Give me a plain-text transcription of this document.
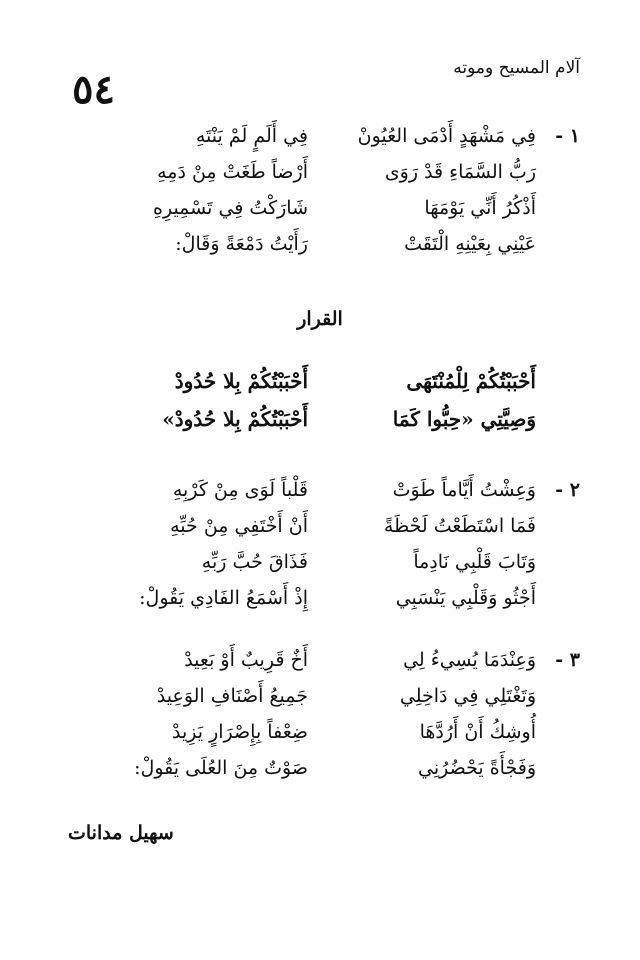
آلام المسيح وموته
٥٤
١ -
فِي مَشْهَدٍ أَدْمَى العُيُونْ
فِي أَلَمٍ لَمْ يَنْتَهِ
رَبُّ السَّمَاءِ قَدْ رَوَى
أَرْضاً طَغَتْ مِنْ دَمِهِ
أَذْكُرُ أَنِّي يَوْمَهَا
شَارَكْتُ فِي تَسْمِيرِهِ
عَيْنِي بِعَيْنِهِ الْتَقَتْ
رَأَيْتُ دَمْعَةً وَقَالْ:
القرار
أَحْبَبْتُكُمْ لِلْمُنْتَهَى
أَحْبَبْتُكُمْ بِلا حُدُودْ
وَصِيَّتِي «حِبُّوا كَمَا
أَحْبَبْتُكُمْ بِلا حُدُودْ»
٢ -
وَعِشْتُ أَيَّاماً طَوَتْ
قَلْباً لَوَى مِنْ كَرْبِهِ
فَمَا اسْتَطَعْتُ لَحْظَةً
أَنْ أَخْتَفِي مِنْ حُبِّهِ
وَتَابَ قَلْبِي نَادِماً
فَذَاقَ حُبَّ رَبِّهِ
أَجْثُو وَقَلْبِي يَنْسَبِي
إِذْ أَسْمَعُ الفَادِي يَقُولْ:
٣ -
وَعِنْدَمَا يُسِيءُ لِي
أَخٌ قَرِيبٌ أَوْ بَعِيدْ
وَتَغْتَلِي فِي دَاخِلِي
جَمِيعُ أَصْنَافِ الوَعِيدْ
أُوشِكُ أَنْ أَرُدَّهَا
ضِعْفاً بِإِصْرَارٍ يَزِيدْ
وَفَجْأَةً يَحْضُرُنِي
صَوْتٌ مِنَ العُلَى يَقُولْ:
سهيل مدانات
